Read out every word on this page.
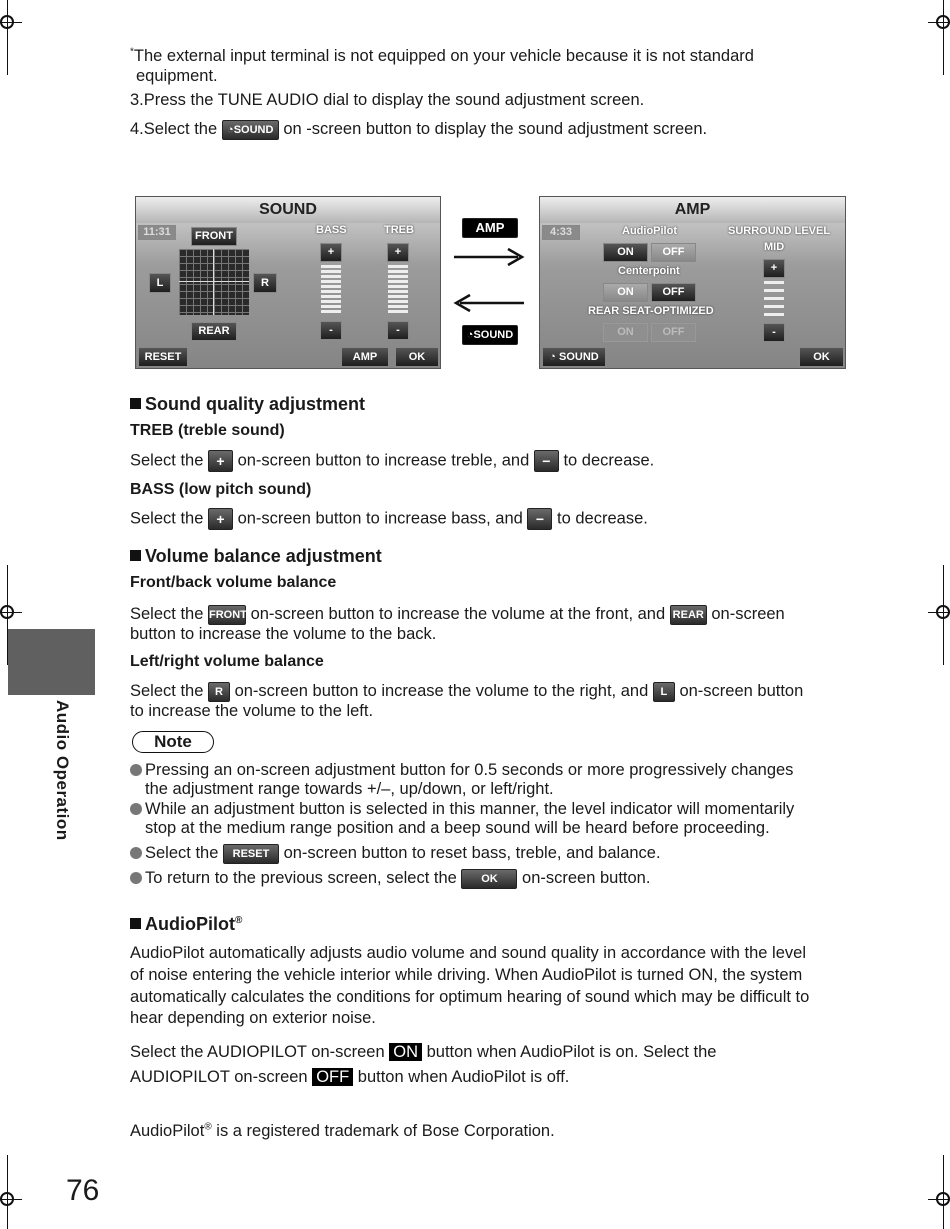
*The external input terminal is not equipped on your vehicle because it is not standard
equipment.
3.Press the TUNE AUDIO dial to display the sound adjustment screen.
4.Select the ◔SOUND on -screen button to display the sound adjustment screen.
SOUND
11:31	FRONT
L	R
REAR
BASS	TREB
+	+
-	-
RESET	AMP	OK
AMP
◔SOUND
AMP
4:33	AudioPilot
ON	OFF
Centerpoint
ON	OFF
REAR SEAT-OPTIMIZED
ON	OFF
SURROUND LEVEL
MID
+
-
◔ SOUND	OK
Sound quality adjustment
TREB (treble sound)
Select the + on-screen button to increase treble, and − to decrease.
BASS (low pitch sound)
Select the + on-screen button to increase bass, and − to decrease.
Volume balance adjustment
Front/back volume balance
Select the FRONT on-screen button to increase the volume at the front, and REAR on-screen
button to increase the volume to the back.
Left/right volume balance
Select the R on-screen button to increase the volume to the right, and L on-screen button
to increase the volume to the left.
Note
Pressing an on-screen adjustment button for 0.5 seconds or more progressively changes
the adjustment range towards +/–, up/down, or left/right.
While an adjustment button is selected in this manner, the level indicator will momentarily
stop at the medium range position and a beep sound will be heard before proceeding.
Select the RESET on-screen button to reset bass, treble, and balance.
To return to the previous screen, select the OK on-screen button.
AudioPilot®
AudioPilot automatically adjusts audio volume and sound quality in accordance with the level
of noise entering the vehicle interior while driving. When AudioPilot is turned ON, the system
automatically calculates the conditions for optimum hearing of sound which may be difficult to
hear depending on exterior noise.
Select the AUDIOPILOT on-screen ON button when AudioPilot is on. Select the
AUDIOPILOT on-screen OFF button when AudioPilot is off.
AudioPilot® is a registered trademark of Bose Corporation.
Audio Operation
76
